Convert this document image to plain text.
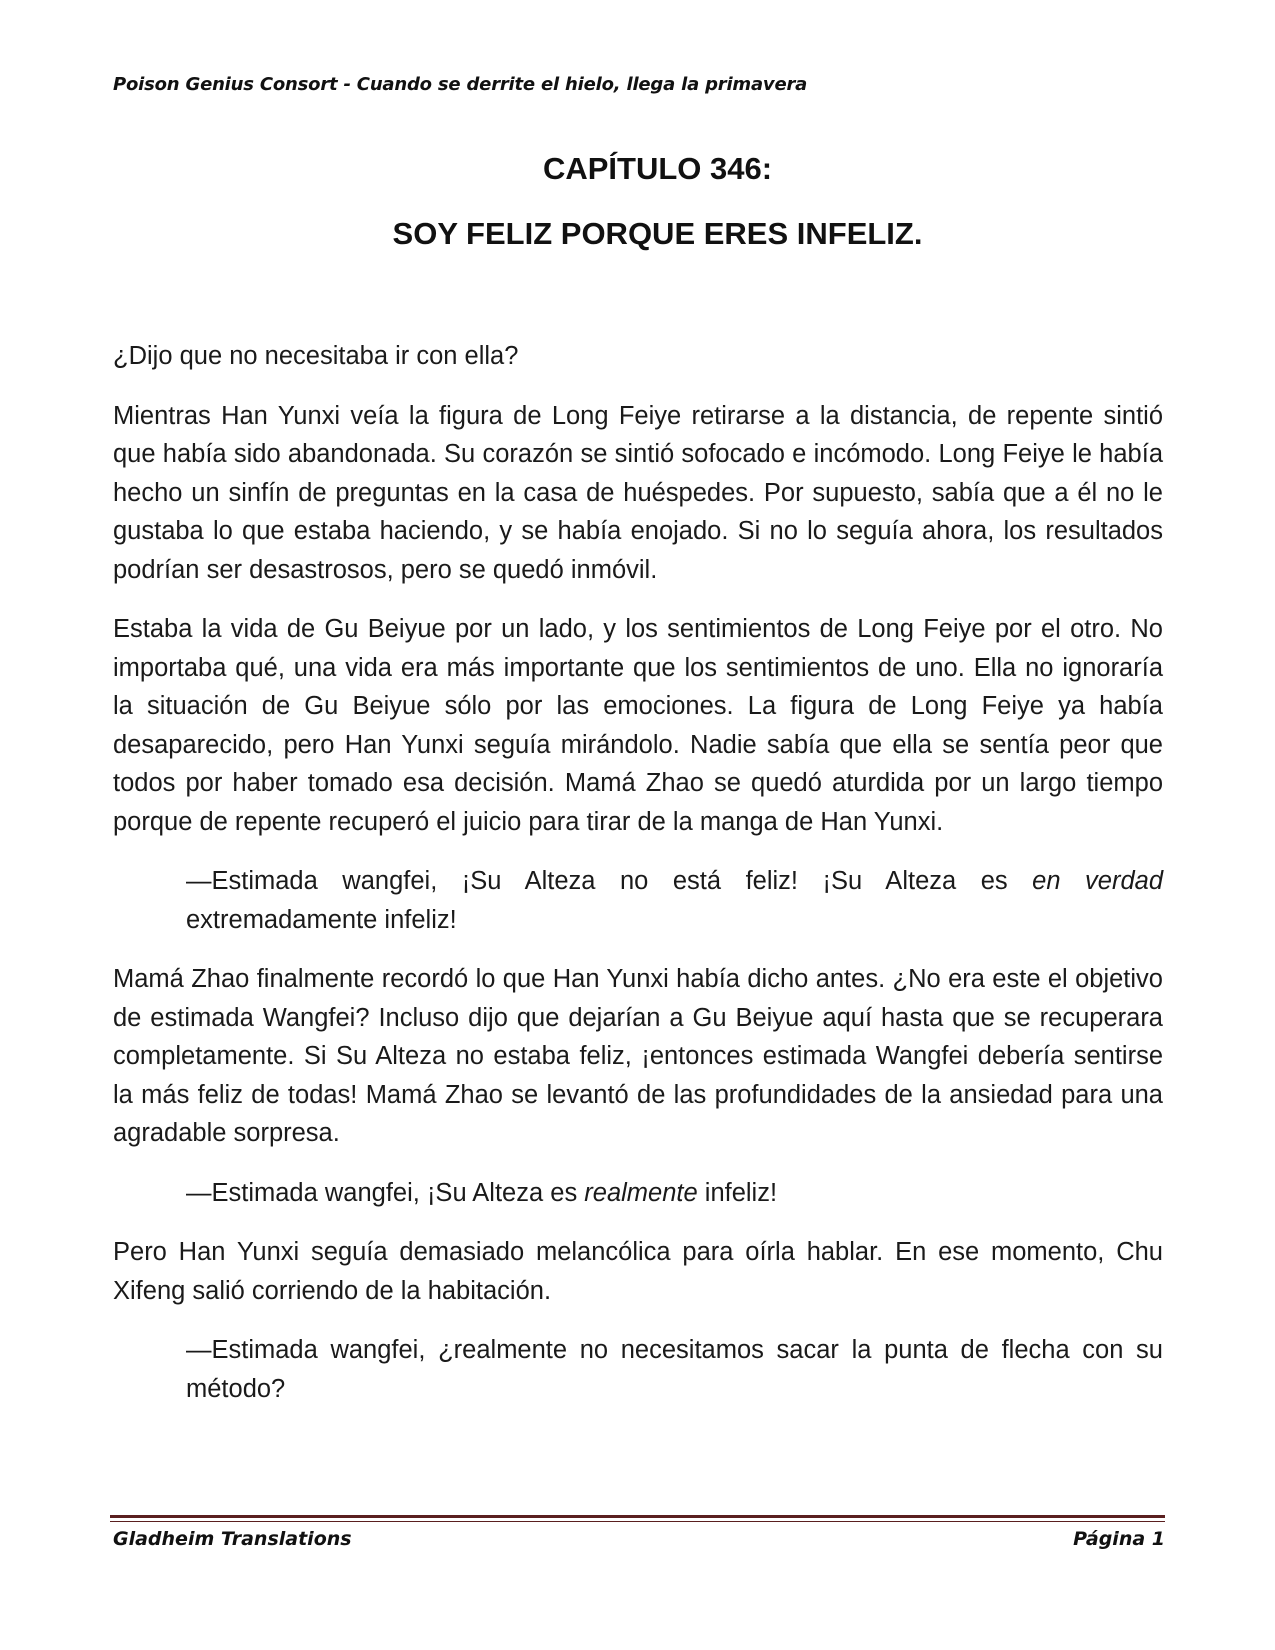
Poison Genius Consort - Cuando se derrite el hielo, llega la primavera
CAPÍTULO 346:
SOY FELIZ PORQUE ERES INFELIZ.

¿Dijo que no necesitaba ir con ella?

Mientras Han Yunxi veía la figura de Long Feiye retirarse a la distancia, de repente sintió que había sido abandonada. Su corazón se sintió sofocado e incómodo. Long Feiye le había hecho un sinfín de preguntas en la casa de huéspedes. Por supuesto, sabía que a él no le gustaba lo que estaba haciendo, y se había enojado. Si no lo seguía ahora, los resultados podrían ser desastrosos, pero se quedó inmóvil.

Estaba la vida de Gu Beiyue por un lado, y los sentimientos de Long Feiye por el otro. No importaba qué, una vida era más importante que los sentimientos de uno. Ella no ignoraría la situación de Gu Beiyue sólo por las emociones. La figura de Long Feiye ya había desaparecido, pero Han Yunxi seguía mirándolo. Nadie sabía que ella se sentía peor que todos por haber tomado esa decisión. Mamá Zhao se quedó aturdida por un largo tiempo porque de repente recuperó el juicio para tirar de la manga de Han Yunxi.

—Estimada wangfei, ¡Su Alteza no está feliz! ¡Su Alteza es en verdad extremadamente infeliz!

Mamá Zhao finalmente recordó lo que Han Yunxi había dicho antes. ¿No era este el objetivo de estimada Wangfei? Incluso dijo que dejarían a Gu Beiyue aquí hasta que se recuperara completamente. Si Su Alteza no estaba feliz, ¡entonces estimada Wangfei debería sentirse la más feliz de todas! Mamá Zhao se levantó de las profundidades de la ansiedad para una agradable sorpresa.

—Estimada wangfei, ¡Su Alteza es realmente infeliz!

Pero Han Yunxi seguía demasiado melancólica para oírla hablar. En ese momento, Chu Xifeng salió corriendo de la habitación.

—Estimada wangfei, ¿realmente no necesitamos sacar la punta de flecha con su método?

Gladheim Translations	Página 1
